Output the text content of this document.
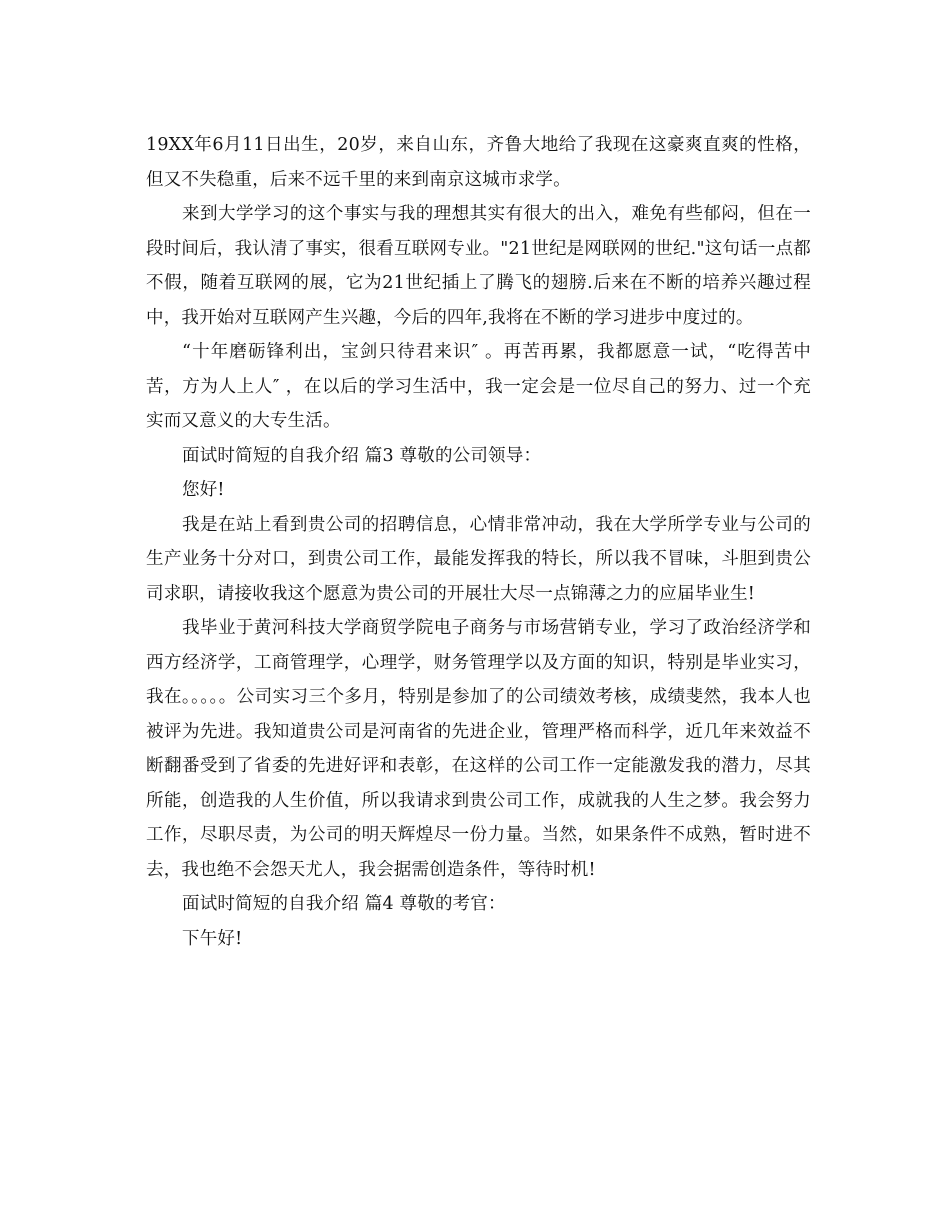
19XX年6月11日出生，20岁，来自山东，齐鲁大地给了我现在这豪爽直爽的性格，但又不失稳重，后来不远千里的来到南京这城市求学。

来到大学学习的这个事实与我的理想其实有很大的出入，难免有些郁闷，但在一段时间后，我认清了事实，很看互联网专业。"21世纪是网联网的世纪."这句话一点都不假，随着互联网的展，它为21世纪插上了腾飞的翅膀.后来在不断的培养兴趣过程中，我开始对互联网产生兴趣，今后的四年,我将在不断的学习进步中度过的。

“十年磨砺锋利出，宝剑只待君来识″ 。再苦再累，我都愿意一试，“吃得苦中苦，方为人上人″ ，在以后的学习生活中，我一定会是一位尽自己的努力、过一个充实而又意义的大专生活。

面试时简短的自我介绍 篇3 尊敬的公司领导：

您好!

我是在站上看到贵公司的招聘信息，心情非常冲动，我在大学所学专业与公司的生产业务十分对口，到贵公司工作，最能发挥我的特长，所以我不冒味，斗胆到贵公司求职，请接收我这个愿意为贵公司的开展壮大尽一点锦薄之力的应届毕业生!

我毕业于黄河科技大学商贸学院电子商务与市场营销专业，学习了政治经济学和西方经济学，工商管理学，心理学，财务管理学以及方面的知识，特别是毕业实习，我在。。。。。公司实习三个多月，特别是参加了的公司绩效考核，成绩斐然，我本人也被评为先进。我知道贵公司是河南省的先进企业，管理严格而科学，近几年来效益不断翻番受到了省委的先进好评和表彰，在这样的公司工作一定能激发我的潜力，尽其所能，创造我的人生价值，所以我请求到贵公司工作，成就我的人生之梦。我会努力工作，尽职尽责，为公司的明天辉煌尽一份力量。当然，如果条件不成熟，暂时进不去，我也绝不会怨天尤人，我会据需创造条件，等待时机!

面试时简短的自我介绍 篇4 尊敬的考官：

下午好!
